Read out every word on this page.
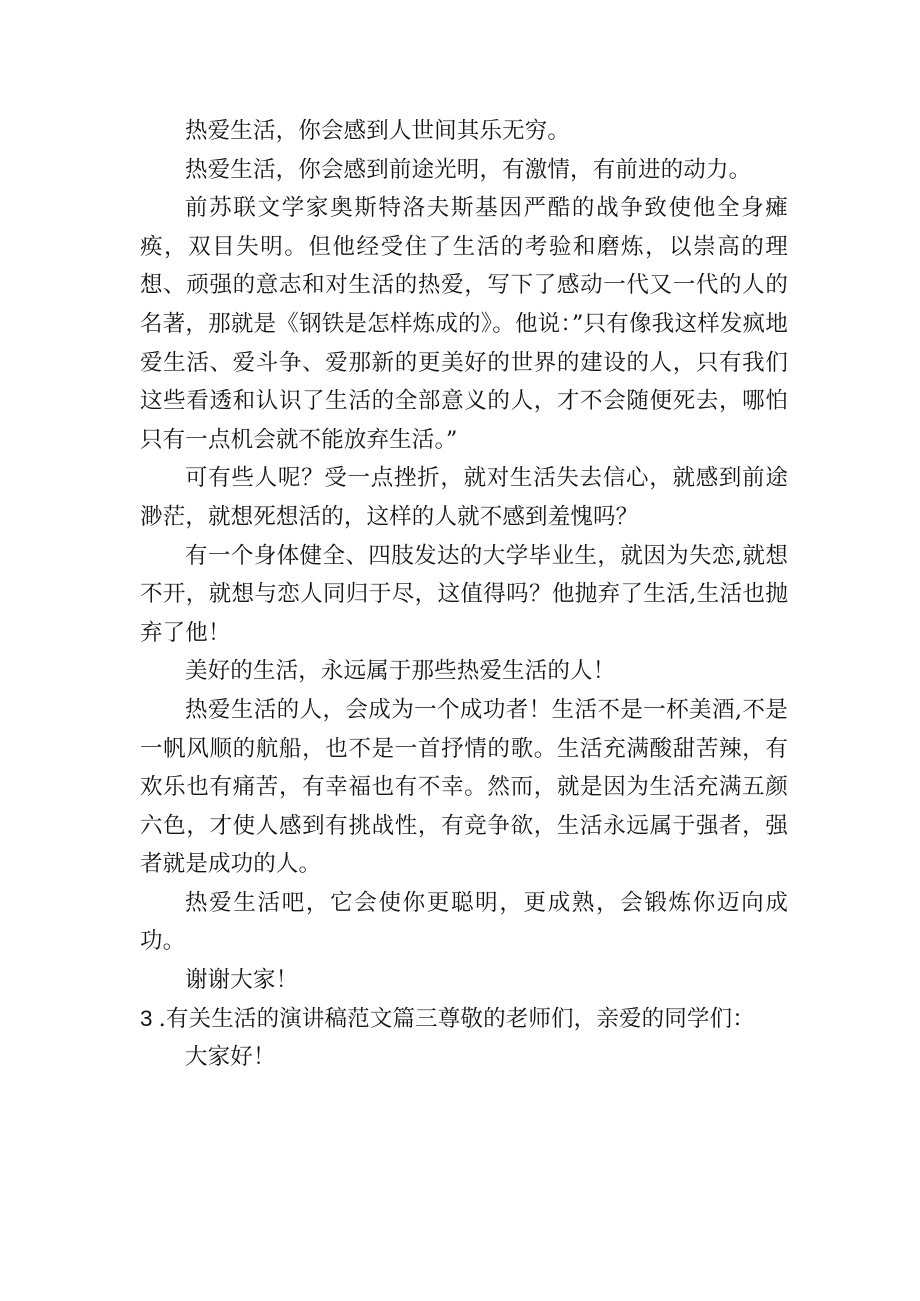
热爱生活，你会感到人世间其乐无穷。

热爱生活，你会感到前途光明，有激情，有前进的动力。

前苏联文学家奥斯特洛夫斯基因严酷的战争致使他全身瘫痪，双目失明。但他经受住了生活的考验和磨炼，以崇高的理想、顽强的意志和对生活的热爱，写下了感动一代又一代的人的名著，那就是《钢铁是怎样炼成的》。他说：”只有像我这样发疯地爱生活、爱斗争、爱那新的更美好的世界的建设的人，只有我们这些看透和认识了生活的全部意义的人，才不会随便死去，哪怕只有一点机会就不能放弃生活。”

可有些人呢？受一点挫折，就对生活失去信心，就感到前途渺茫，就想死想活的，这样的人就不感到羞愧吗？

有一个身体健全、四肢发达的大学毕业生，就因为失恋,就想不开，就想与恋人同归于尽，这值得吗？他抛弃了生活,生活也抛弃了他！

美好的生活，永远属于那些热爱生活的人！

热爱生活的人，会成为一个成功者！生活不是一杯美酒,不是一帆风顺的航船，也不是一首抒情的歌。生活充满酸甜苦辣，有欢乐也有痛苦，有幸福也有不幸。然而，就是因为生活充满五颜六色，才使人感到有挑战性，有竞争欲，生活永远属于强者，强者就是成功的人。

热爱生活吧，它会使你更聪明，更成熟，会锻炼你迈向成功。

谢谢大家！

3 .有关生活的演讲稿范文篇三尊敬的老师们，亲爱的同学们：

大家好！
